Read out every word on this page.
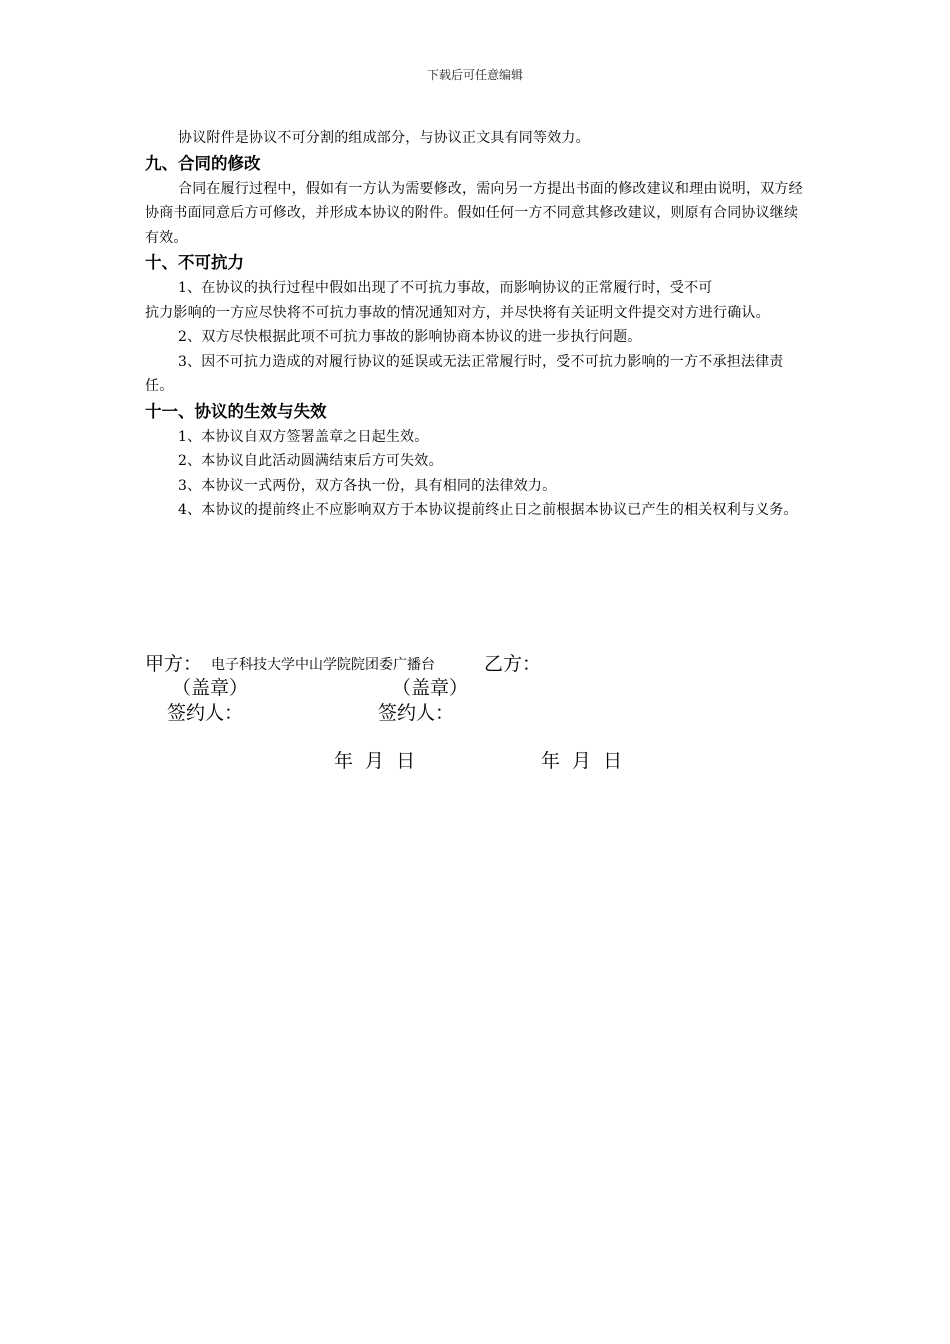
下载后可任意编辑

协议附件是协议不可分割的组成部分，与协议正文具有同等效力。

九、合同的修改

合同在履行过程中，假如有一方认为需要修改，需向另一方提出书面的修改建议和理由说明，双方经协商书面同意后方可修改，并形成本协议的附件。假如任何一方不同意其修改建议，则原有合同协议继续有效。

十、不可抗力

1、在协议的执行过程中假如出现了不可抗力事故，而影响协议的正常履行时，受不可

抗力影响的一方应尽快将不可抗力事故的情况通知对方，并尽快将有关证明文件提交对方进行确认。

2、双方尽快根据此项不可抗力事故的影响协商本协议的进一步执行问题。

3、因不可抗力造成的对履行协议的延误或无法正常履行时，受不可抗力影响的一方不承担法律责任。

十一、协议的生效与失效

1、本协议自双方签署盖章之日起生效。

2、本协议自此活动圆满结束后方可失效。

3、本协议一式两份，双方各执一份，具有相同的法律效力。

4、本协议的提前终止不应影响双方于本协议提前终止日之前根据本协议已产生的相关权利与义务。

甲方： 电子科技大学中山学院院团委广播台	乙方：
（盖章）	（盖章）
签约人：	签约人：
年 月 日	年 月 日
